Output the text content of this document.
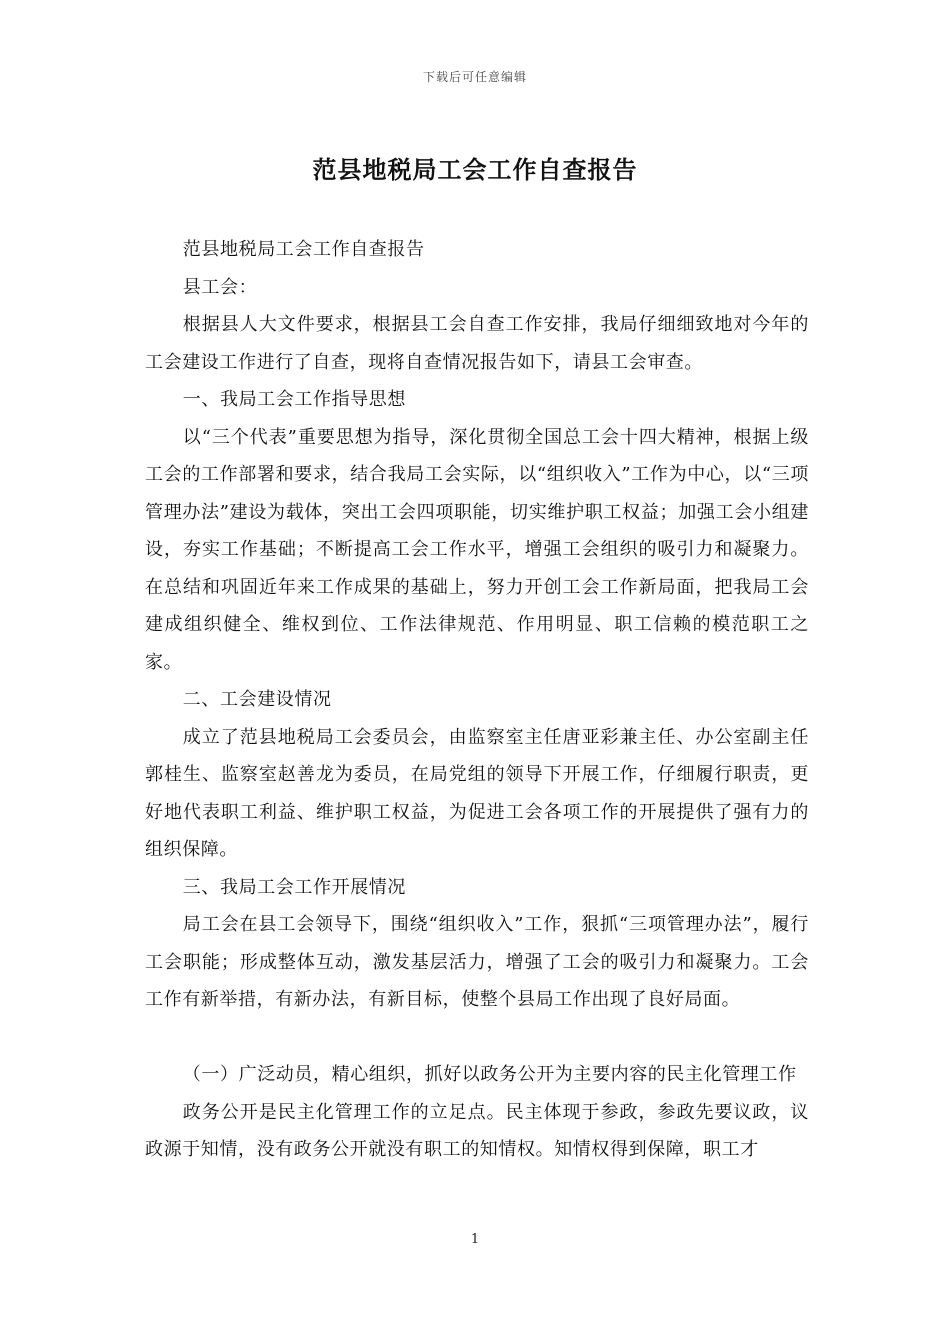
下载后可任意编辑
范县地税局工会工作自查报告

范县地税局工会工作自查报告

县工会：

根据县人大文件要求，根据县工会自查工作安排，我局仔细细致地对今年的工会建设工作进行了自查，现将自查情况报告如下，请县工会审查。

一、我局工会工作指导思想

以“三个代表”重要思想为指导，深化贯彻全国总工会十四大精神，根据上级工会的工作部署和要求，结合我局工会实际，以“组织收入”工作为中心，以“三项管理办法”建设为载体，突出工会四项职能，切实维护职工权益；加强工会小组建设，夯实工作基础；不断提高工会工作水平，增强工会组织的吸引力和凝聚力。在总结和巩固近年来工作成果的基础上，努力开创工会工作新局面，把我局工会建成组织健全、维权到位、工作法律规范、作用明显、职工信赖的模范职工之家。

二、工会建设情况

成立了范县地税局工会委员会，由监察室主任唐亚彩兼主任、办公室副主任郭桂生、监察室赵善龙为委员，在局党组的领导下开展工作，仔细履行职责，更好地代表职工利益、维护职工权益，为促进工会各项工作的开展提供了强有力的组织保障。

三、我局工会工作开展情况

局工会在县工会领导下，围绕“组织收入”工作，狠抓“三项管理办法”，履行工会职能；形成整体互动，激发基层活力，增强了工会的吸引力和凝聚力。工会工作有新举措，有新办法，有新目标，使整个县局工作出现了良好局面。

（一）广泛动员，精心组织，抓好以政务公开为主要内容的民主化管理工作

政务公开是民主化管理工作的立足点。民主体现于参政，参政先要议政，议政源于知情，没有政务公开就没有职工的知情权。知情权得到保障，职工才

1
